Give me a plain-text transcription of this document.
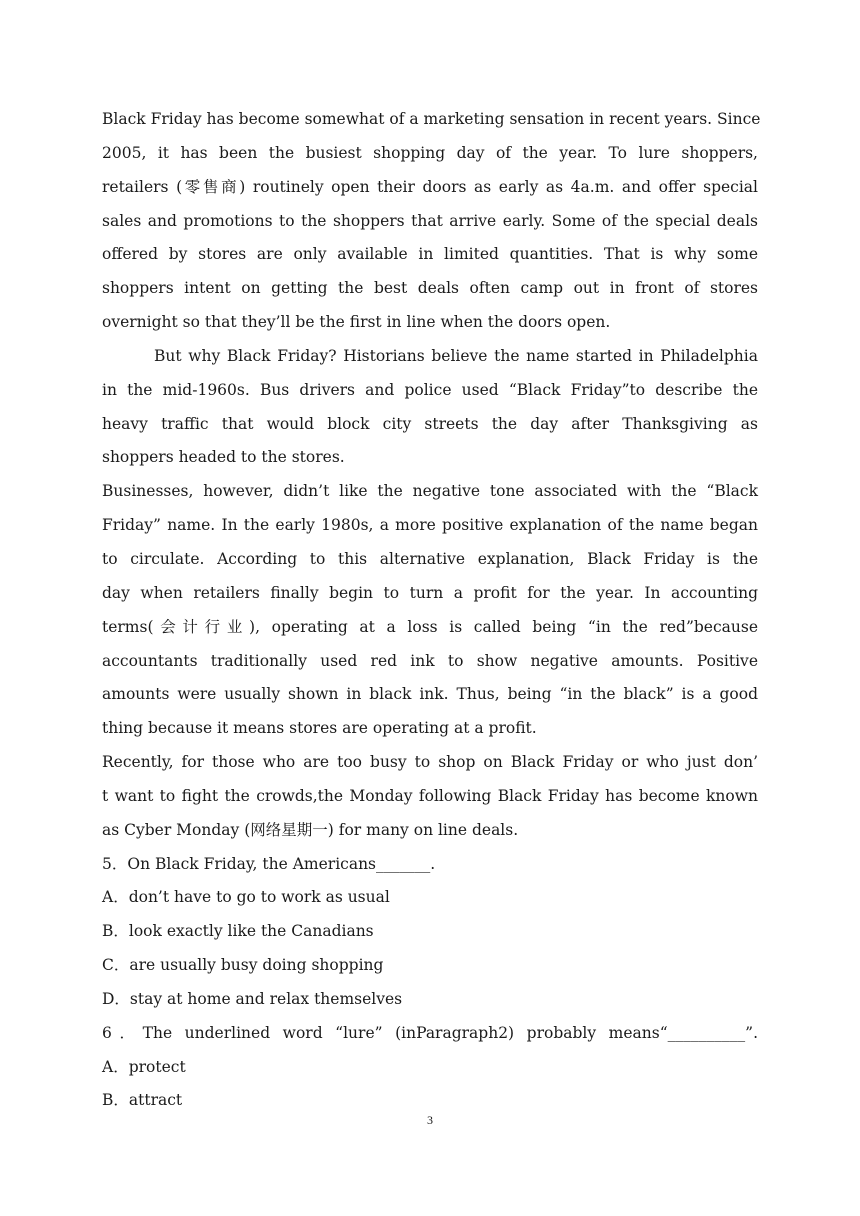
Black Friday has become somewhat of a marketing sensation in recent years. Since
2005, it has been the busiest shopping day of the year. To lure shoppers,
retailers (零售商) routinely open their doors as early as 4a.m. and offer special
sales and promotions to the shoppers that arrive early. Some of the special deals
offered by stores are only available in limited quantities. That is why some
shoppers intent on getting the best deals often camp out in front of stores
overnight so that they’ll be the first in line when the doors open.
But why Black Friday? Historians believe the name started in Philadelphia
in the mid-1960s. Bus drivers and police used “Black Friday”to describe the
heavy traffic that would block city streets the day after Thanksgiving as
shoppers headed to the stores.
Businesses, however, didn’t like the negative tone associated with the “Black
Friday” name. In the early 1980s, a more positive explanation of the name began
to circulate. According to this alternative explanation, Black Friday is the
day when retailers finally begin to turn a profit for the year. In accounting
terms(会计行业), operating at a loss is called being “in the red”because
accountants traditionally used red ink to show negative amounts. Positive
amounts were usually shown in black ink. Thus, being “in the black” is a good
thing because it means stores are operating at a profit.
Recently, for those who are too busy to shop on Black Friday or who just don’
t want to fight the crowds,the Monday following Black Friday has become known
as Cyber Monday (网络星期一) for many on line deals.
5．On Black Friday, the Americans_______.
A．don’t have to go to work as usual
B．look exactly like the Canadians
C．are usually busy doing shopping
D．stay at home and relax themselves
6．The underlined word “lure” (inParagraph2) probably means“__________”.
A．protect
B．attract
3
